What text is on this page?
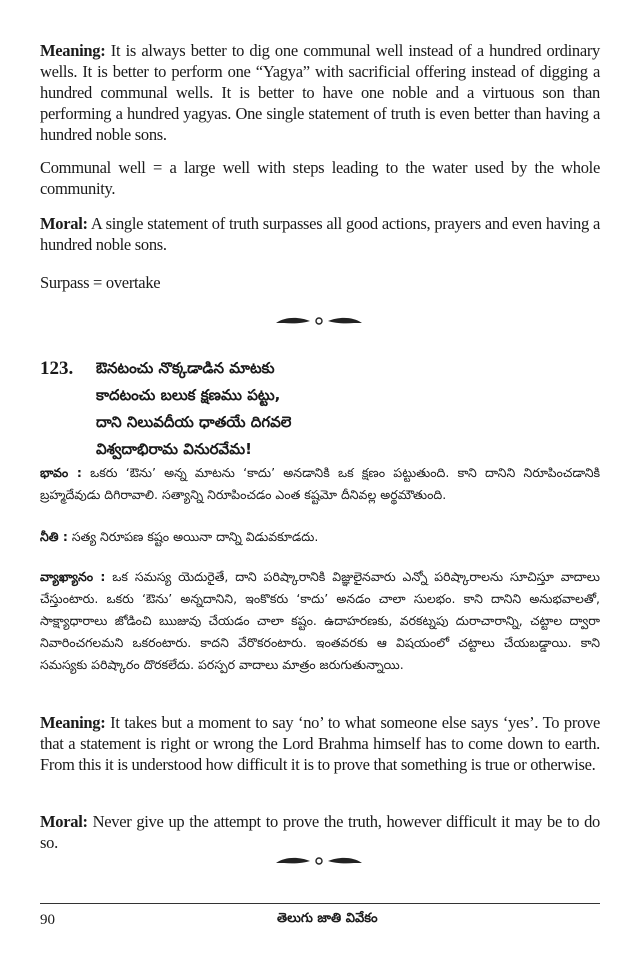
Meaning: It is always better to dig one communal well instead of a hundred ordinary wells. It is better to perform one “Yagya” with sacrificial offering instead of digging a hundred communal wells. It is better to have one noble and a virtuous son than performing a hundred yagyas. One single statement of truth is even better than having a hundred noble sons.
Communal well = a large well with steps leading to the water used by the whole community.
Moral: A single statement of truth surpasses all good actions, prayers and even having a hundred noble sons.
Surpass = overtake
123. ఔనటంచు నొక్కడాడిన మాటకు
కాదటంచు బలుక క్షణము పట్టు,
దాని నిలువదీయ ధాతయే దిగవలె
విశ్వదాభిరామ వినురవేమ!
భావం : ఒకరు ‘ఔను’ అన్న మాటను ‘కాదు’ అనడానికి ఒక క్షణం పట్టుతుంది. కాని దానిని నిరూపించడానికి బ్రహ్మదేవుడు దిగిరావాలి. సత్యాన్ని నిరూపించడం ఎంత కష్టమో దీనివల్ల అర్థమౌతుంది.
నీతి : సత్య నిరూపణ కష్టం అయినా దాన్ని విడువకూడదు.
వ్యాఖ్యానం : ఒక సమస్య యెదురైతే, దాని పరిష్కారానికి విజ్ఞులైనవారు ఎన్నో పరిష్కారాలను సూచిస్తూ వాదాలు చేస్తుంటారు. ఒకరు ‘ఔను’ అన్నదానిని, ఇంకొకరు ‘కాదు’ అనడం చాలా సులభం. కాని దానిని అనుభవాలతో, సాక్ష్యాధారాలు జోడించి ఋజువు చేయడం చాలా కష్టం. ఉదాహరణకు, వరకట్నపు దురాచారాన్ని, చట్టాల ద్వారా నివారించగలమని ఒకరంటారు. కాదని వేరొకరంటారు. ఇంతవరకు ఆ విషయంలో చట్టాలు చేయబడ్డాయి. కాని సమస్యకు పరిష్కారం దొరకలేదు. పరస్పర వాదాలు మాత్రం జరుగుతున్నాయి.
Meaning: It takes but a moment to say ‘no’ to what someone else says ‘yes’. To prove that a statement is right or wrong the Lord Brahma himself has to come down to earth. From this it is understood how difficult it is to prove that something is true or otherwise.
Moral: Never give up the attempt to prove the truth, however difficult it may be to do so.
90	తెలుగు జాతి వివేకం
